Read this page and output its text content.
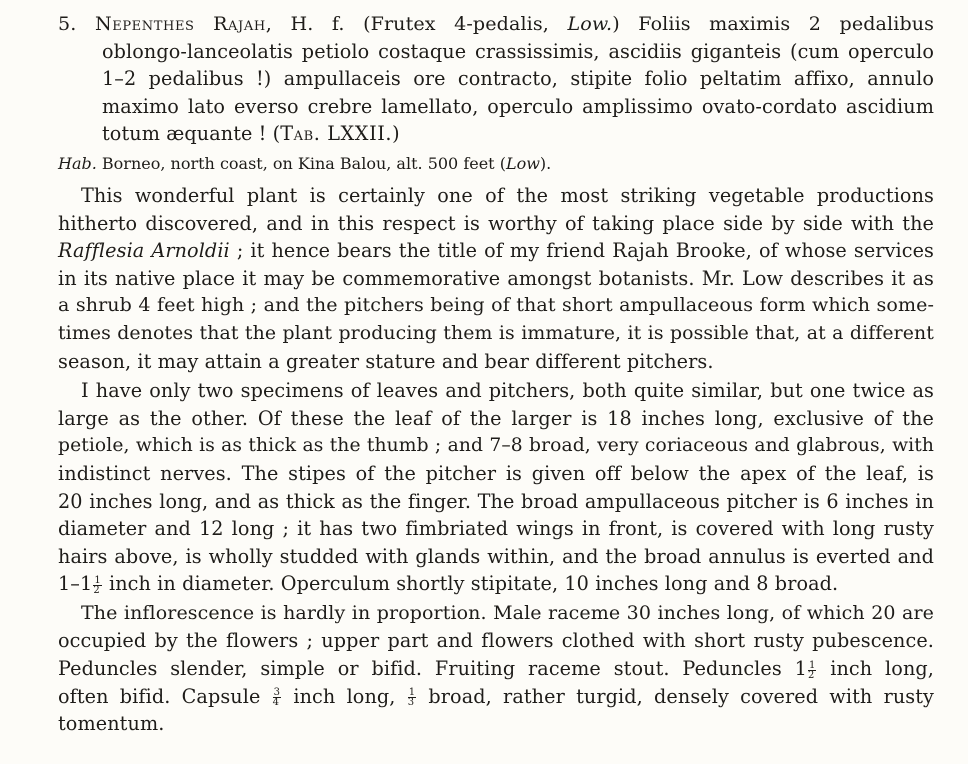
5. Nepenthes Rajah, H. f. (Frutex 4-pedalis, Low.) Foliis maximis 2 pedalibus
oblongo-lanceolatis petiolo costaque crassissimis, ascidiis giganteis (cum operculo
1–2 pedalibus !) ampullaceis ore contracto, stipite folio peltatim affixo, annulo
maximo lato everso crebre lamellato, operculo amplissimo ovato-cordato ascidium
totum æquante ! (Tab. LXXII.)
Hab. Borneo, north coast, on Kina Balou, alt. 500 feet (Low).
This wonderful plant is certainly one of the most striking vegetable productions
hitherto discovered, and in this respect is worthy of taking place side by side with the
Rafflesia Arnoldii ; it hence bears the title of my friend Rajah Brooke, of whose services
in its native place it may be commemorative amongst botanists. Mr. Low describes it as
a shrub 4 feet high ; and the pitchers being of that short ampullaceous form which some-
times denotes that the plant producing them is immature, it is possible that, at a different
season, it may attain a greater stature and bear different pitchers.
I have only two specimens of leaves and pitchers, both quite similar, but one twice as
large as the other. Of these the leaf of the larger is 18 inches long, exclusive of the
petiole, which is as thick as the thumb ; and 7–8 broad, very coriaceous and glabrous, with
indistinct nerves. The stipes of the pitcher is given off below the apex of the leaf, is
20 inches long, and as thick as the finger. The broad ampullaceous pitcher is 6 inches in
diameter and 12 long ; it has two fimbriated wings in front, is covered with long rusty
hairs above, is wholly studded with glands within, and the broad annulus is everted and
$1-1 \frac{1}{2}$ inch in diameter. Operculum shortly stipitate, 10 inches long and 8 broad.
The inflorescence is hardly in proportion. Male raceme 30 inches long, of which 20 are
occupied by the flowers ; upper part and flowers clothed with short rusty pubescence.
Peduncles slender, simple or bifid. Fruiting raceme stout. Peduncles $1 \frac{1}{2}$ inch long,
often bifid. Capsule $\frac{3}{4}$ inch long, $\frac{1}{3}$ broad, rather turgid, densely covered with rusty
tomentum.
